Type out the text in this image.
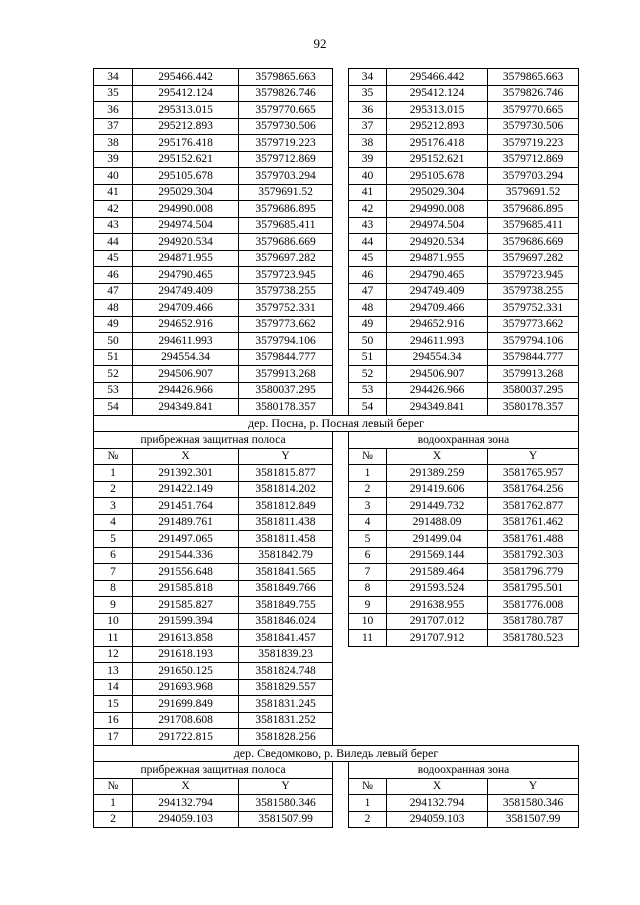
92
34	295466.442	3579865.663		34	295466.442	3579865.663
35	295412.124	3579826.746		35	295412.124	3579826.746
36	295313.015	3579770.665		36	295313.015	3579770.665
37	295212.893	3579730.506		37	295212.893	3579730.506
38	295176.418	3579719.223		38	295176.418	3579719.223
39	295152.621	3579712.869		39	295152.621	3579712.869
40	295105.678	3579703.294		40	295105.678	3579703.294
41	295029.304	3579691.52		41	295029.304	3579691.52
42	294990.008	3579686.895		42	294990.008	3579686.895
43	294974.504	3579685.411		43	294974.504	3579685.411
44	294920.534	3579686.669		44	294920.534	3579686.669
45	294871.955	3579697.282		45	294871.955	3579697.282
46	294790.465	3579723.945		46	294790.465	3579723.945
47	294749.409	3579738.255		47	294749.409	3579738.255
48	294709.466	3579752.331		48	294709.466	3579752.331
49	294652.916	3579773.662		49	294652.916	3579773.662
50	294611.993	3579794.106		50	294611.993	3579794.106
51	294554.34	3579844.777		51	294554.34	3579844.777
52	294506.907	3579913.268		52	294506.907	3579913.268
53	294426.966	3580037.295		53	294426.966	3580037.295
54	294349.841	3580178.357		54	294349.841	3580178.357
дер. Посна, р. Посная левый берег						
прибрежная защитная полоса				водоохранная зона		
№	X	Y		№	X	Y
1	291392.301	3581815.877		1	291389.259	3581765.957
2	291422.149	3581814.202		2	291419.606	3581764.256
3	291451.764	3581812.849		3	291449.732	3581762.877
4	291489.761	3581811.438		4	291488.09	3581761.462
5	291497.065	3581811.458		5	291499.04	3581761.488
6	291544.336	3581842.79		6	291569.144	3581792.303
7	291556.648	3581841.565		7	291589.464	3581796.779
8	291585.818	3581849.766		8	291593.524	3581795.501
9	291585.827	3581849.755		9	291638.955	3581776.008
10	291599.394	3581846.024		10	291707.012	3581780.787
11	291613.858	3581841.457		11	291707.912	3581780.523
12	291618.193	3581839.23				
13	291650.125	3581824.748				
14	291693.968	3581829.557				
15	291699.849	3581831.245				
16	291708.608	3581831.252				
17	291722.815	3581828.256				
дер. Сведомково, р. Виледь левый берег						
прибрежная защитная полоса				водоохранная зона		
№	X	Y		№	X	Y
1	294132.794	3581580.346		1	294132.794	3581580.346
2	294059.103	3581507.99		2	294059.103	3581507.99
